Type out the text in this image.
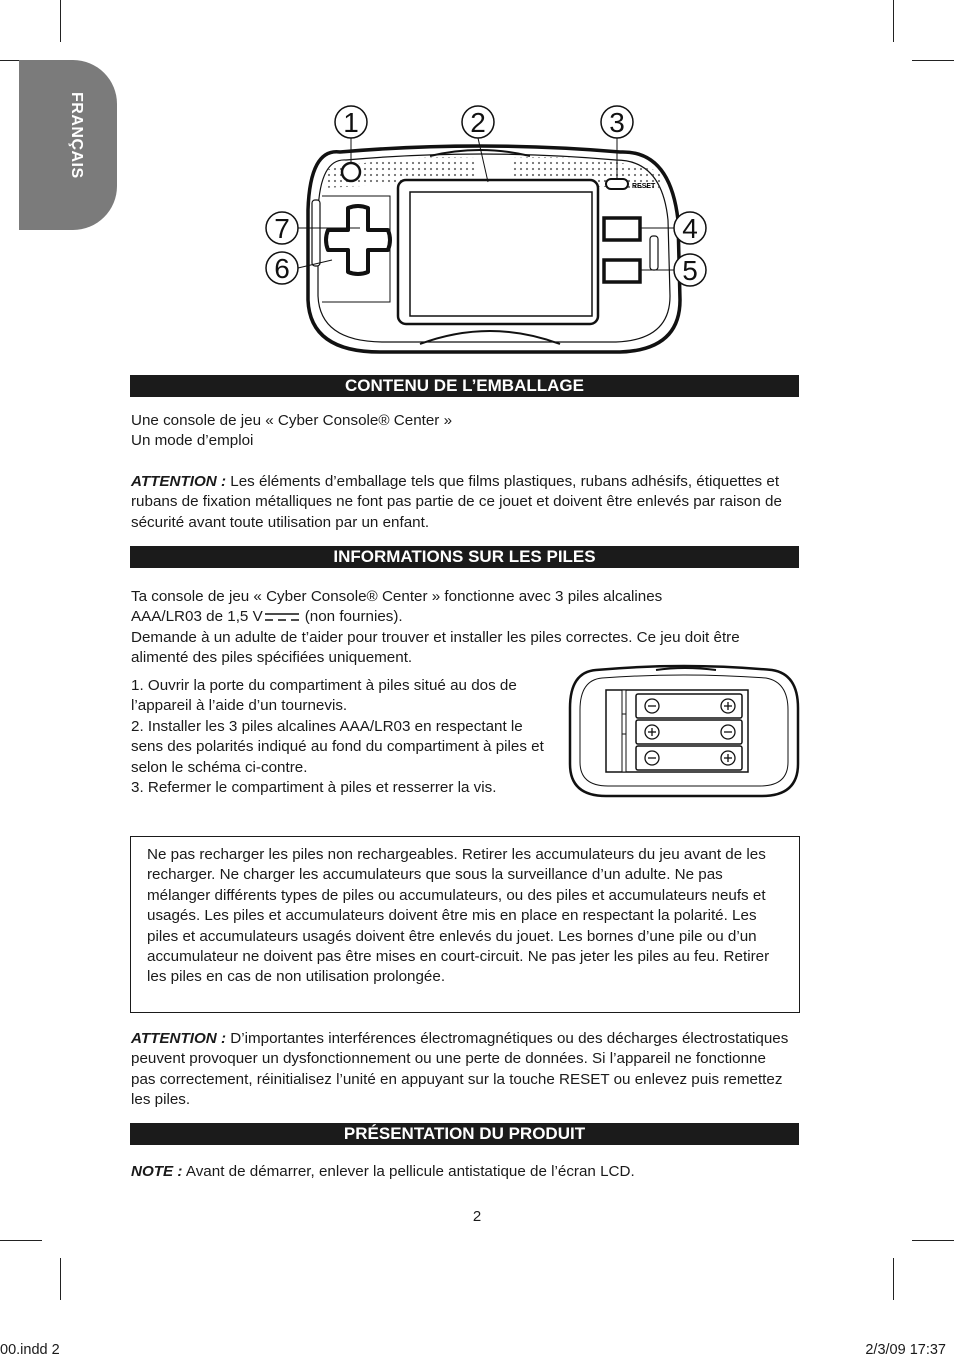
FRANÇAIS
RESET
1	2	3
4
5
6
7
CONTENU DE L’EMBALLAGE

Une console de jeu « Cyber Console® Center »

Un mode d’emploi

ATTENTION : Les éléments d’emballage tels que films plastiques, rubans adhésifs, étiquettes et rubans de fixation métalliques ne font pas partie de ce jouet et doivent être enlevés par raison de sécurité avant toute utilisation par un enfant.

INFORMATIONS SUR LES PILES

Ta console de jeu « Cyber Console® Center » fonctionne avec 3 piles alcalines

AAA/LR03 de 1,5 V	(non fournies).

Demande à un adulte de t’aider pour trouver et installer les piles correctes. Ce jeu doit être alimenté des piles spécifiées uniquement.

1. Ouvrir la porte du compartiment à piles situé au dos de l’appareil à l’aide d’un tournevis.

2. Installer les 3 piles alcalines AAA/LR03 en respectant le sens des polarités indiqué au fond du compartiment à piles et selon le schéma ci-contre.

3. Refermer le compartiment à piles et resserrer la vis.

Ne pas recharger les piles non rechargeables. Retirer les accumulateurs du jeu avant de les recharger. Ne charger les accumulateurs que sous la surveillance d’un adulte. Ne pas mélanger différents types de piles ou accumulateurs, ou des piles et accumulateurs neufs et usagés. Les piles et accumulateurs doivent être mis en place en respectant la polarité. Les piles et accumulateurs usagés doivent être enlevés du jouet. Les bornes d’une pile ou d’un accumulateur ne doivent pas être mises en court-circuit. Ne pas jeter les piles au feu. Retirer les piles en cas de non utilisation prolongée.

ATTENTION : D’importantes interférences électromagnétiques ou des décharges électrostatiques peuvent provoquer un dysfonctionnement ou une perte de données. Si l’appareil ne fonctionne pas correctement, réinitialisez l’unité en appuyant sur la touche RESET ou enlevez puis remettez les piles.

PRÉSENTATION DU PRODUIT

NOTE : Avant de démarrer, enlever la pellicule antistatique de l’écran LCD.

2
00.indd 2	2/3/09 17:37
